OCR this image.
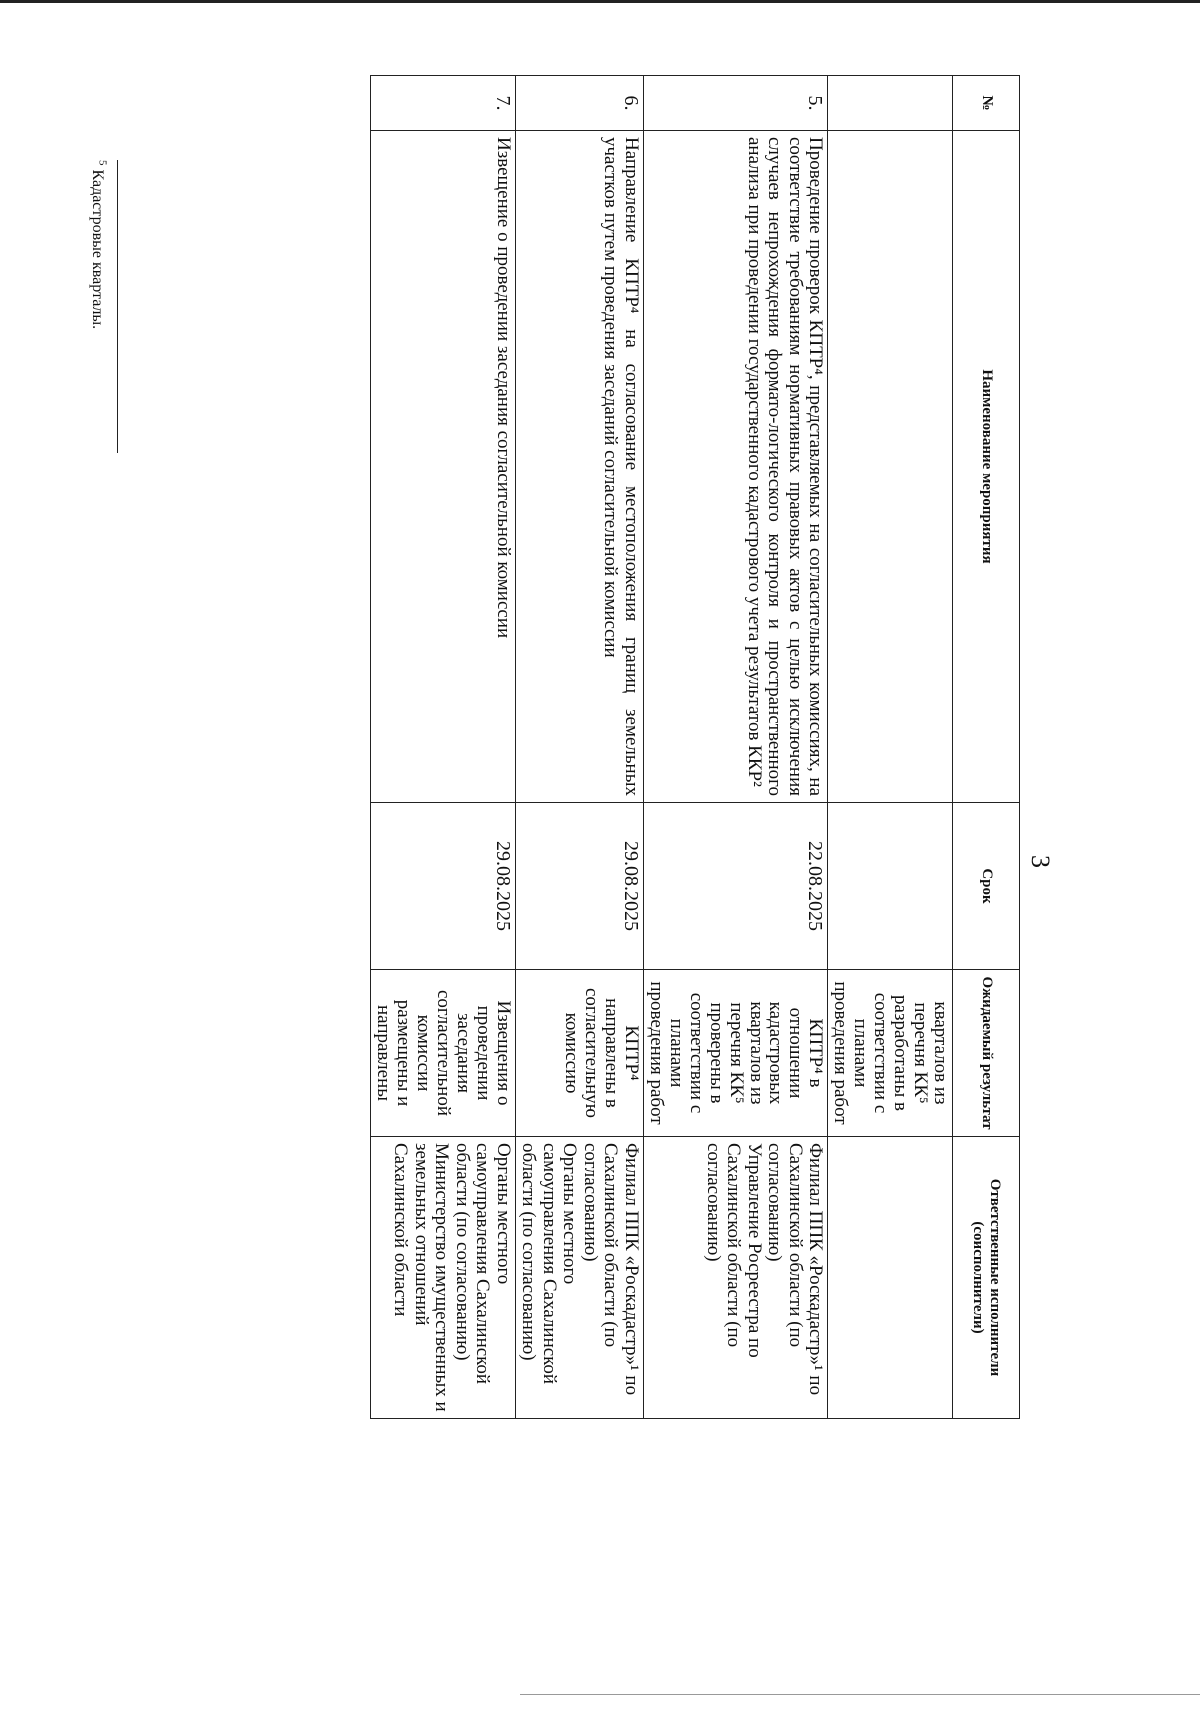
3
№	Наименование мероприятия	Срок	Ожидаемый результат	Ответственные исполнители (соисполнители)
			кварталов из перечня КК⁵ разработаны в соответствии с планами проведения работ	
5.	Проведение проверок КПТР⁴, представляемых на согласительных комиссиях, на соответствие требованиям нормативных правовых актов с целью исключения случаев непрохождения формато-логического контроля и пространственного анализа при проведении государственного кадастрового учета результатов ККР²	22.08.2025	КПТР⁴ в отношении кадастровых кварталов из перечня КК⁵ проверены в соответствии с планами проведения работ	Филиал ППК «Роскадастр»¹ по Сахалинской области (по согласованию)
Управление Росреестра по Сахалинской области (по согласованию)

6.	Направление КПТР⁴ на согласование местоположения границ земельных участков путем проведения заседаний согласительной комиссии	29.08.2025	КПТР⁴ направлены в согласительную комиссию	Филиал ППК «Роскадастр»¹ по Сахалинской области (по согласованию)
Органы местного самоуправления Сахалинской области (по согласованию)

7.	Извещение о проведении заседания согласительной комиссии	29.08.2025	Извещения о проведении заседания согласительной комиссии размещены и направлены	Органы местного самоуправления Сахалинской области (по согласованию)
Министерство имущественных и земельных отношений Сахалинской области
$^5$ Кадастровые кварталы.
